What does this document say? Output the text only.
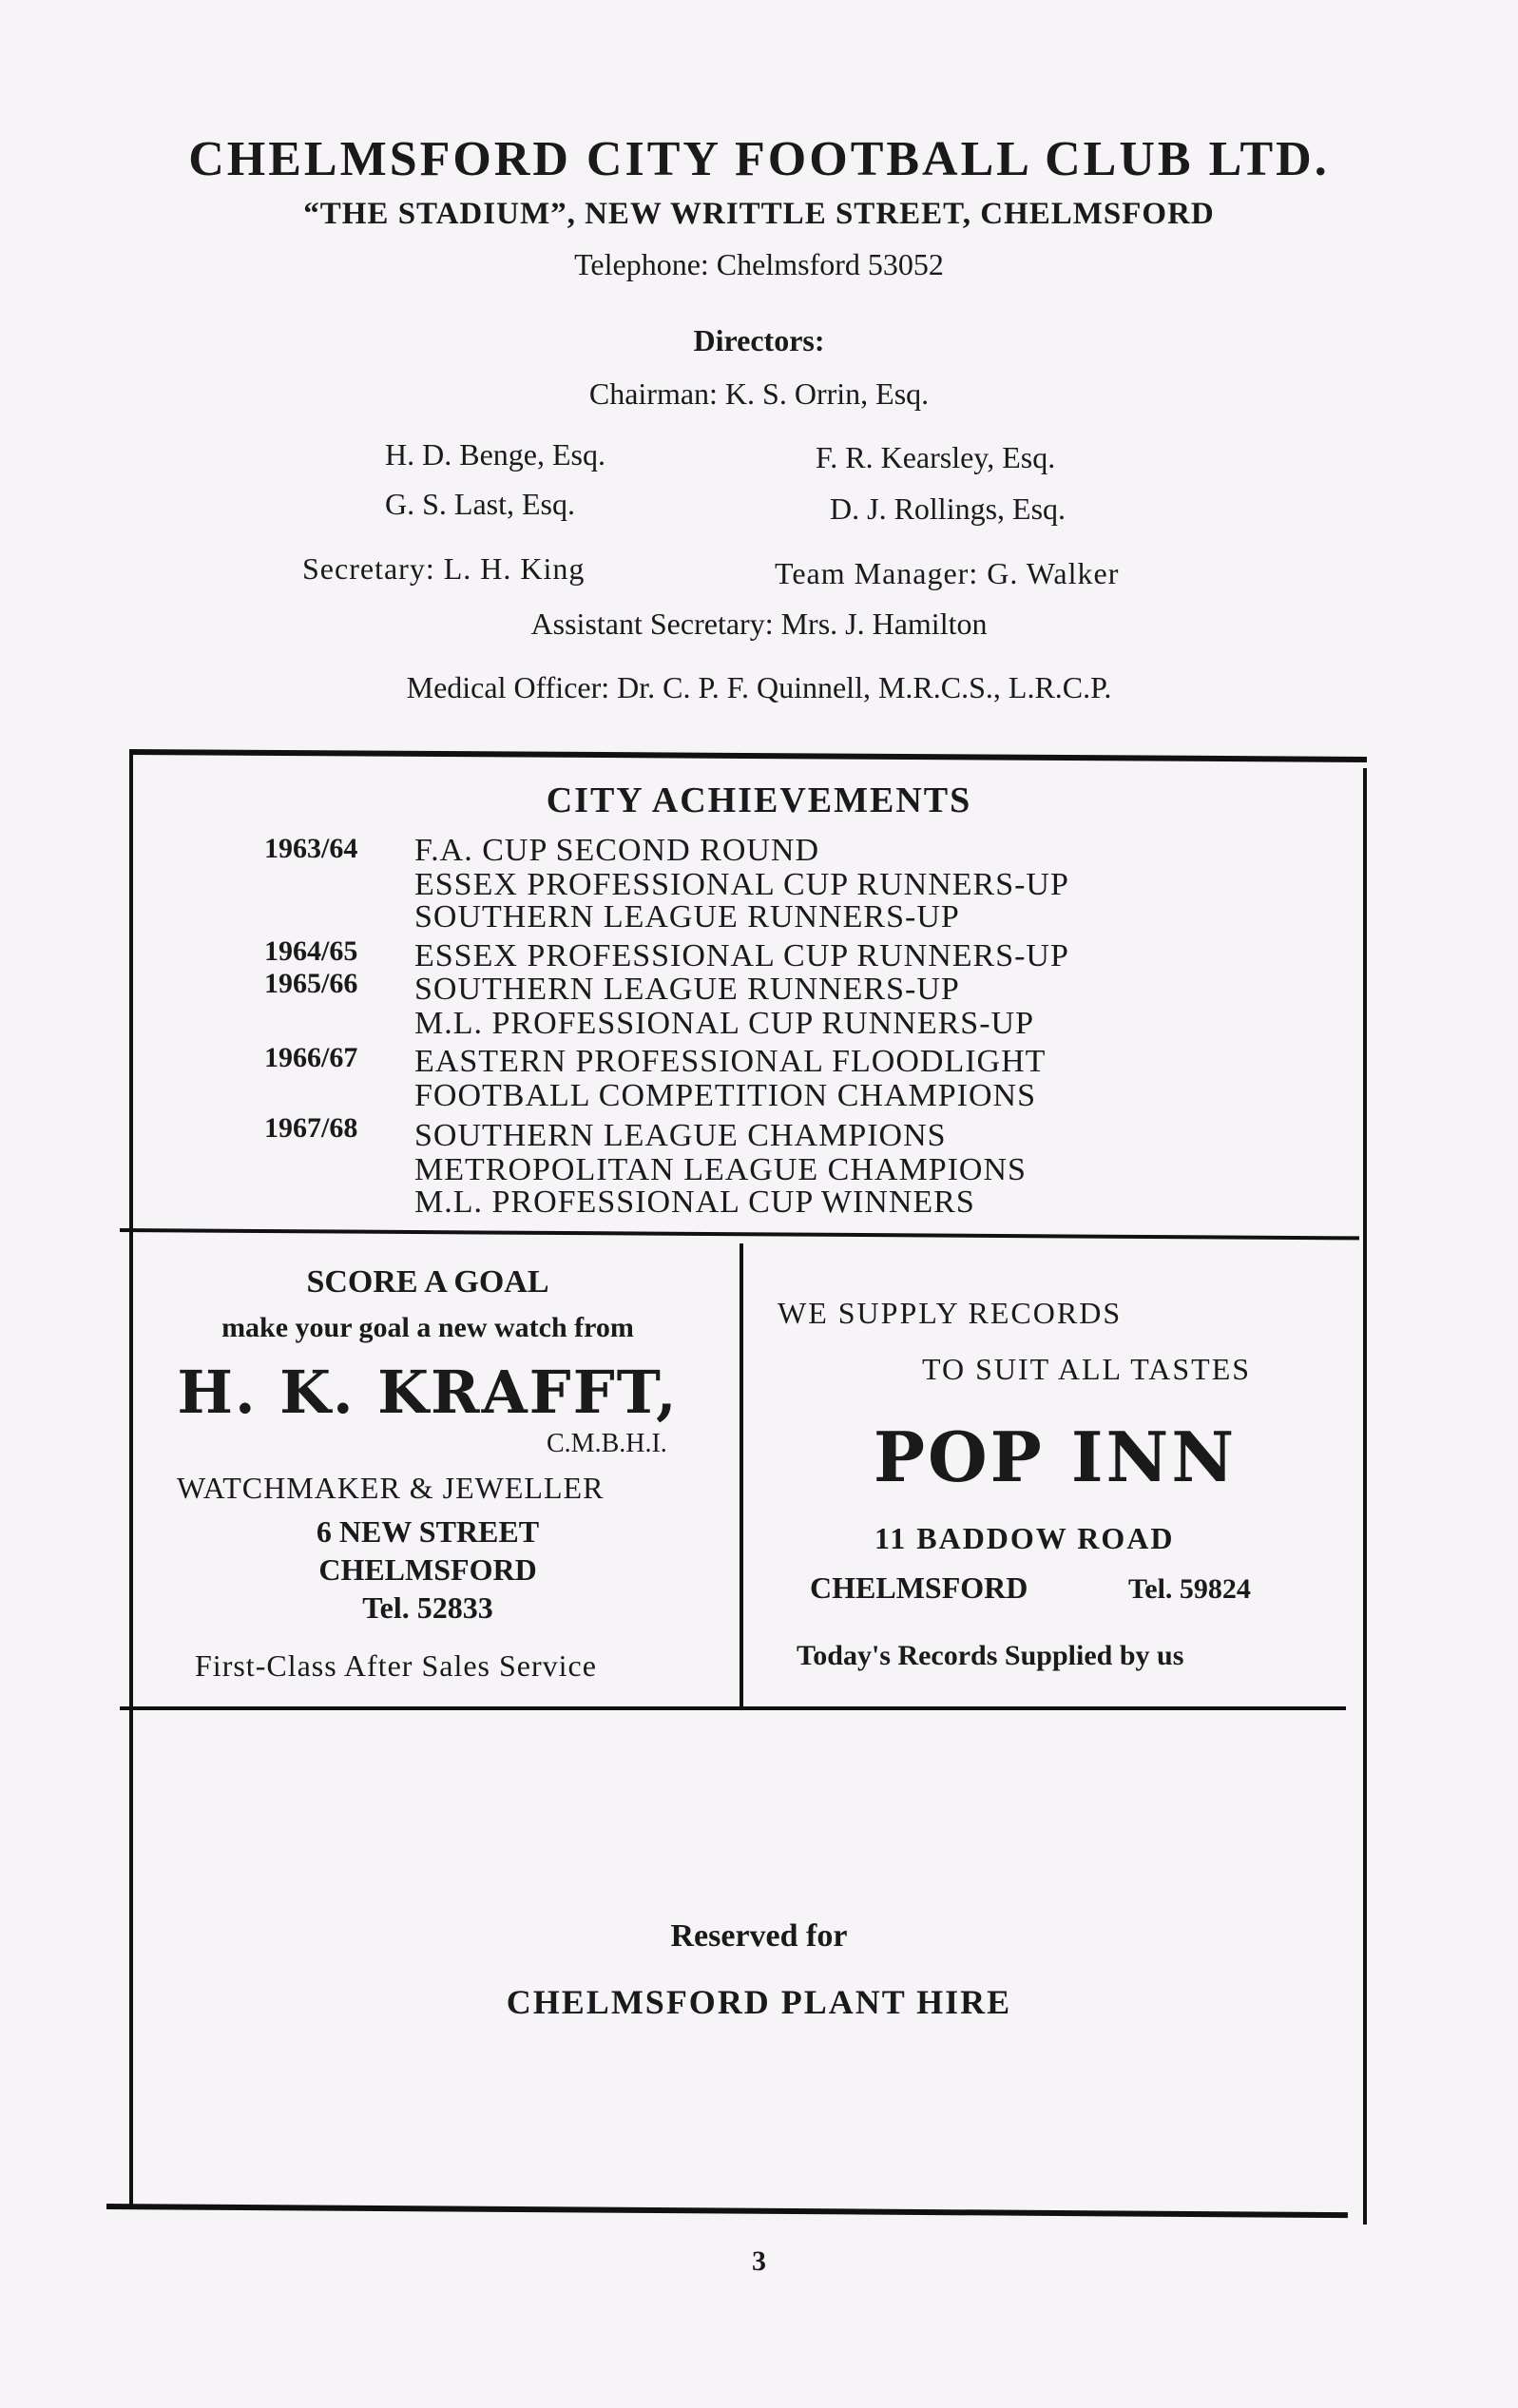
CHELMSFORD CITY FOOTBALL CLUB LTD.
“THE STADIUM”, NEW WRITTLE STREET, CHELMSFORD
Telephone: Chelmsford 53052
Directors:
Chairman: K. S. Orrin, Esq.
H. D. Benge, Esq.	F. R. Kearsley, Esq.
G. S. Last, Esq.	D. J. Rollings, Esq.
Secretary: L. H. King	Team Manager: G. Walker
Assistant Secretary: Mrs. J. Hamilton
Medical Officer: Dr. C. P. F. Quinnell, M.R.C.S., L.R.C.P.
CITY ACHIEVEMENTS
1963/64 F.A. CUP SECOND ROUND
ESSEX PROFESSIONAL CUP RUNNERS-UP
SOUTHERN LEAGUE RUNNERS-UP
1964/65 ESSEX PROFESSIONAL CUP RUNNERS-UP
1965/66 SOUTHERN LEAGUE RUNNERS-UP
M.L. PROFESSIONAL CUP RUNNERS-UP
1966/67 EASTERN PROFESSIONAL FLOODLIGHT
FOOTBALL COMPETITION CHAMPIONS
1967/68 SOUTHERN LEAGUE CHAMPIONS
METROPOLITAN LEAGUE CHAMPIONS
M.L. PROFESSIONAL CUP WINNERS
SCORE A GOAL
make your goal a new watch from
H. K. KRAFFT,
C.M.B.H.I.
WATCHMAKER & JEWELLER
6 NEW STREET
CHELMSFORD
Tel. 52833
First-Class After Sales Service
WE SUPPLY RECORDS
TO SUIT ALL TASTES
POP INN
11 BADDOW ROAD
CHELMSFORD	Tel. 59824
Today's Records Supplied by us
Reserved for
CHELMSFORD PLANT HIRE
3
